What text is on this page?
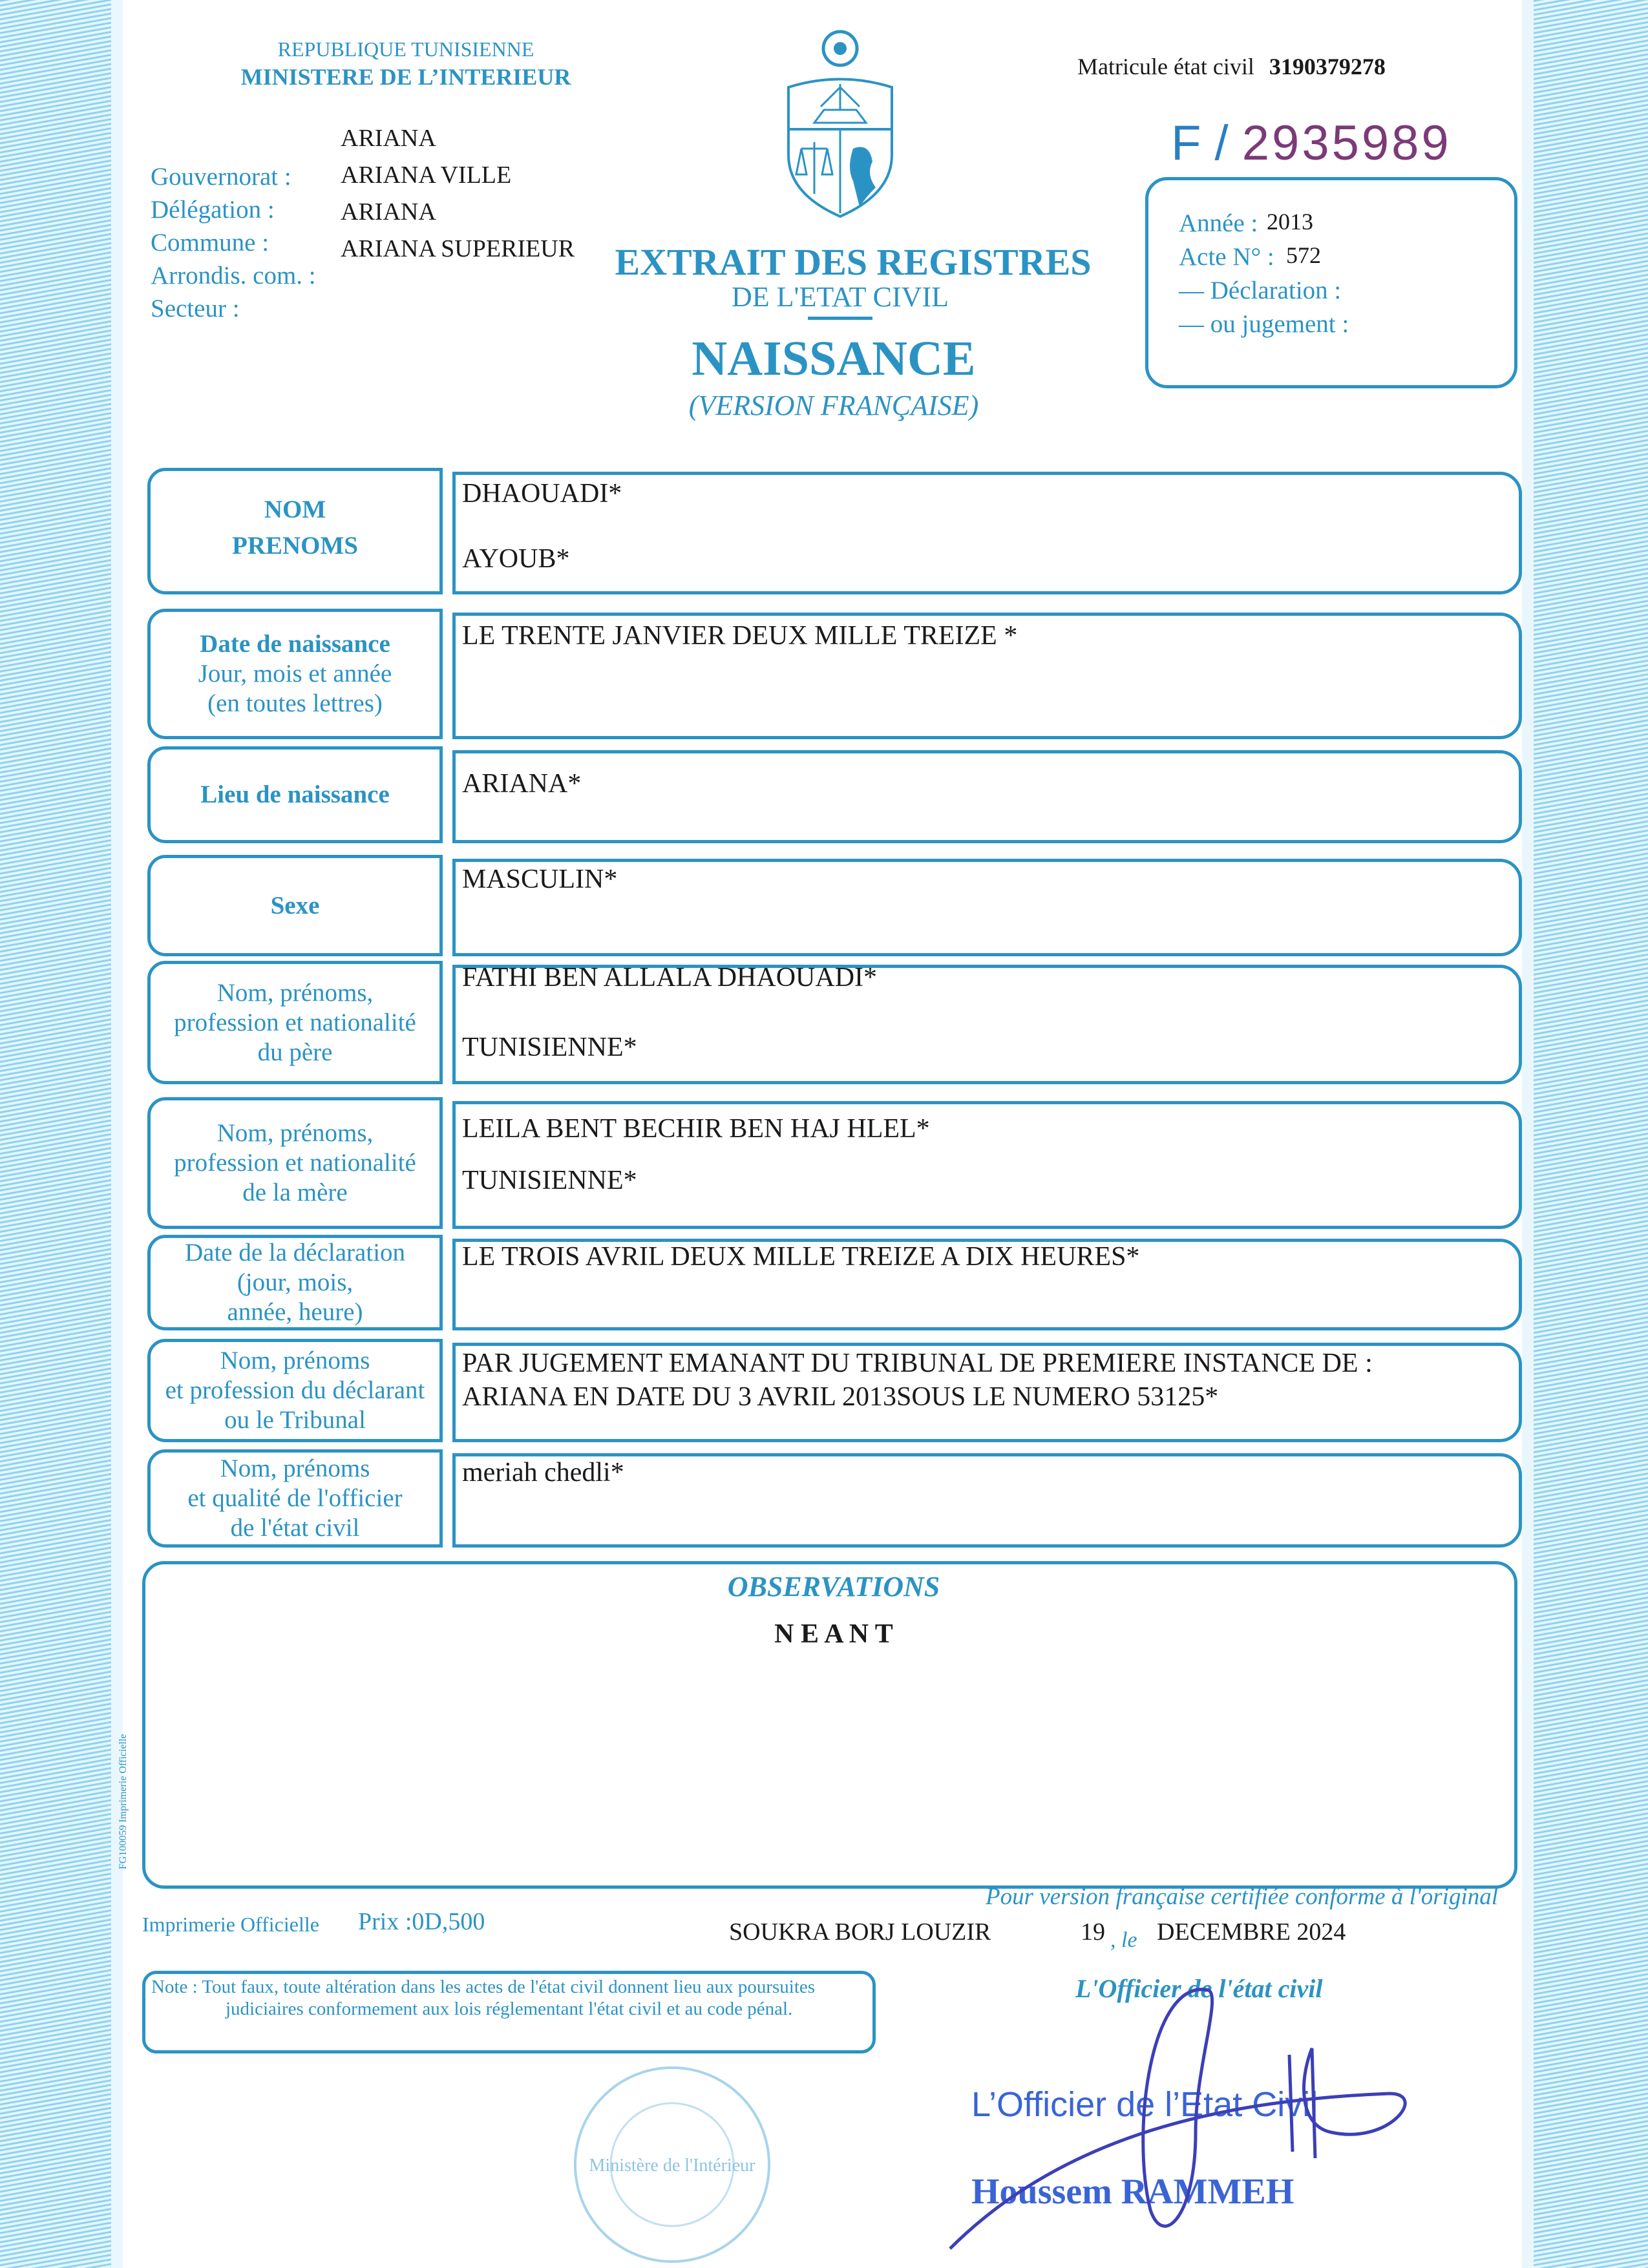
REPUBLIQUE TUNISIENNE
MINISTERE DE L’INTERIEUR
Gouvernorat :
Délégation :
Commune :
Arrondis. com. :
Secteur :
ARIANA
ARIANA VILLE
ARIANA
ARIANA SUPERIEUR
Matricule état civil 3190379278
F / 2935989
2013
572
Année :
Acte N° :
— Déclaration :
— ou jugement :
EXTRAIT DES REGISTRES
DE L'ETAT CIVIL
NAISSANCE
(VERSION FRANÇAISE)
NOM
PRENOMS
DHAOUADI*
AYOUB*
Date de naissance
Jour, mois et année
(en toutes lettres)
LE TRENTE JANVIER DEUX MILLE TREIZE *
Lieu de naissance	ARIANA*
Sexe
MASCULIN*
Nom, prénoms,
profession et nationalité
du père
FATHI BEN ALLALA DHAOUADI*
TUNISIENNE*
Nom, prénoms,
profession et nationalité
de la mère
LEILA BENT BECHIR BEN HAJ HLEL*
TUNISIENNE*
Date de la déclaration
(jour, mois,
année, heure)
LE TROIS AVRIL DEUX MILLE TREIZE A DIX HEURES*
Nom, prénoms
et profession du déclarant
ou le Tribunal
PAR JUGEMENT EMANANT DU TRIBUNAL DE PREMIERE INSTANCE DE :
ARIANA EN DATE DU 3 AVRIL 2013SOUS LE NUMERO 53125*
Nom, prénoms
et qualité de l'officier
de l'état civil
meriah chedli*
OBSERVATIONS
N E A N T
FG100059 Imprimerie Officielle
Imprimerie Officielle Prix :0D,500
Pour version française certifiée conforme à l'original
SOUKRA BORJ LOUZIR	19 , le DECEMBRE 2024
Note : Tout faux, toute altération dans les actes de l'état civil donnent lieu aux poursuites judiciaires conformement aux lois réglementant l'état civil et au code pénal.
Ministère de l'Intérieur
L'Officier de l'état civil
L’Officier de l’Etat Civil
Houssem RAMMEH
